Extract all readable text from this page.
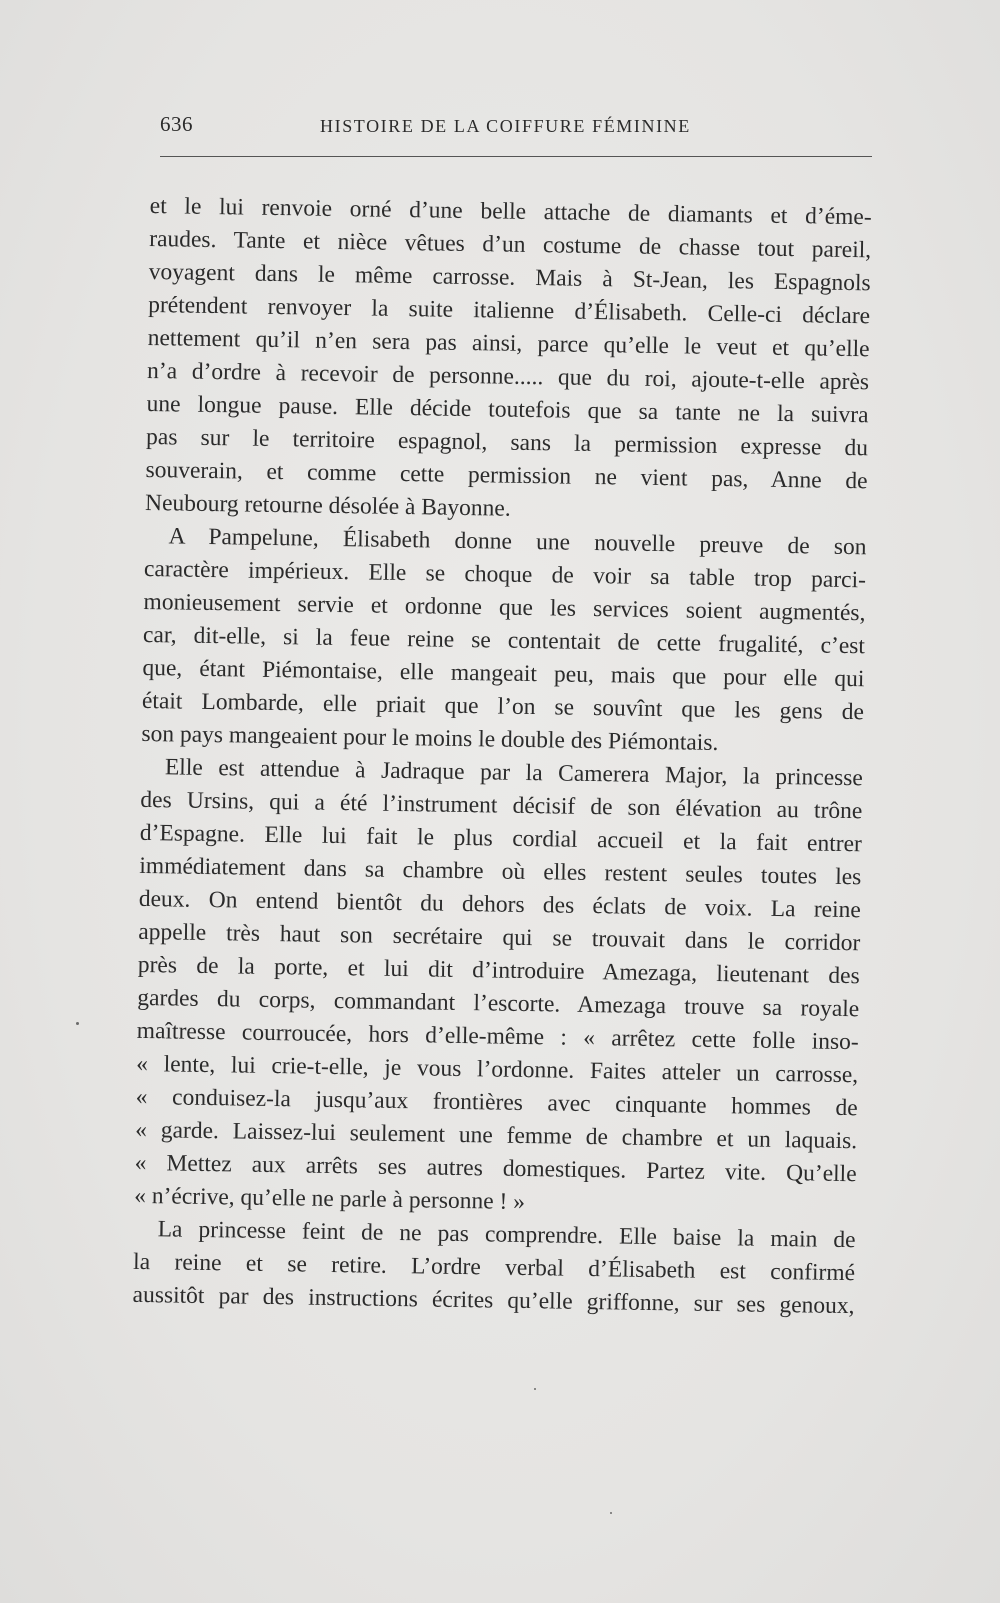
636	HISTOIRE DE LA COIFFURE FÉMININE

et le lui renvoie orné d’une belle attache de diamants et d’éme-
raudes. Tante et nièce vêtues d’un costume de chasse tout pareil,
voyagent dans le même carrosse. Mais à St-Jean, les Espagnols
prétendent renvoyer la suite italienne d’Élisabeth. Celle-ci déclare
nettement qu’il n’en sera pas ainsi, parce qu’elle le veut et qu’elle
n’a d’ordre à recevoir de personne..... que du roi, ajoute-t-elle après
une longue pause. Elle décide toutefois que sa tante ne la suivra
pas sur le territoire espagnol, sans la permission expresse du
souverain, et comme cette permission ne vient pas, Anne de
Neubourg retourne désolée à Bayonne.

A Pampelune, Élisabeth donne une nouvelle preuve de son
caractère impérieux. Elle se choque de voir sa table trop parci-
monieusement servie et ordonne que les services soient augmentés,
car, dit-elle, si la feue reine se contentait de cette frugalité, c’est
que, étant Piémontaise, elle mangeait peu, mais que pour elle qui
était Lombarde, elle priait que l’on se souvînt que les gens de
son pays mangeaient pour le moins le double des Piémontais.

Elle est attendue à Jadraque par la Camerera Major, la princesse
des Ursins, qui a été l’instrument décisif de son élévation au trône
d’Espagne. Elle lui fait le plus cordial accueil et la fait entrer
immédiatement dans sa chambre où elles restent seules toutes les
deux. On entend bientôt du dehors des éclats de voix. La reine
appelle très haut son secrétaire qui se trouvait dans le corridor
près de la porte, et lui dit d’introduire Amezaga, lieutenant des
gardes du corps, commandant l’escorte. Amezaga trouve sa royale
maîtresse courroucée, hors d’elle-même : « arrêtez cette folle inso-
« lente, lui crie-t-elle, je vous l’ordonne. Faites atteler un carrosse,
« conduisez-la jusqu’aux frontières avec cinquante hommes de
« garde. Laissez-lui seulement une femme de chambre et un laquais.
« Mettez aux arrêts ses autres domestiques. Partez vite. Qu’elle
« n’écrive, qu’elle ne parle à personne ! »

La princesse feint de ne pas comprendre. Elle baise la main de
la reine et se retire. L’ordre verbal d’Élisabeth est confirmé
aussitôt par des instructions écrites qu’elle griffonne, sur ses genoux,
